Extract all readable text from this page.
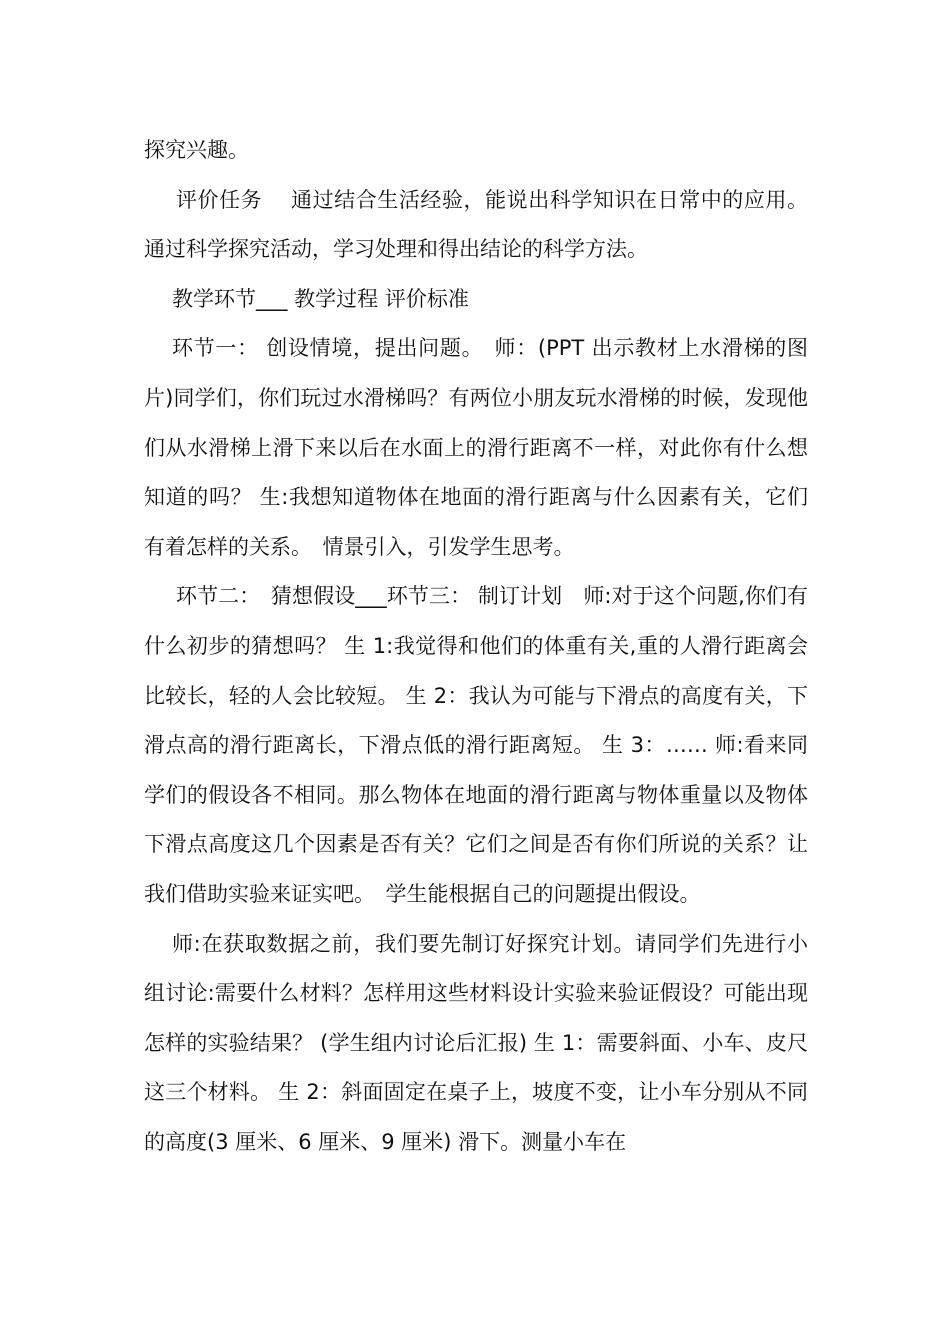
探究兴趣。

评价任务　 通过结合生活经验，能说出科学知识在日常中的应用。 通过科学探究活动，学习处理和得出结论的科学方法。

教学环节___ 教学过程 评价标准

环节一： 创设情境，提出问题。　师：(PPT 出示教材上水滑梯的图片)同学们，你们玩过水滑梯吗？有两位小朋友玩水滑梯的时候，发现他们从水滑梯上滑下来以后在水面上的滑行距离不一样，对此你有什么想知道的吗？ 生:我想知道物体在地面的滑行距离与什么因素有关，它们有着怎样的关系。　情景引入，引发学生思考。

环节二：　猜想假设___环节三： 制订计划　师:对于这个问题,你们有什么初步的猜想吗？ 生 1:我觉得和他们的体重有关,重的人滑行距离会比较长，轻的人会比较短。 生 2：我认为可能与下滑点的高度有关，下滑点高的滑行距离长，下滑点低的滑行距离短。 生 3：…… 师:看来同学们的假设各不相同。那么物体在地面的滑行距离与物体重量以及物体下滑点高度这几个因素是否有关？它们之间是否有你们所说的关系？让我们借助实验来证实吧。　学生能根据自己的问题提出假设。

师:在获取数据之前，我们要先制订好探究计划。请同学们先进行小组讨论:需要什么材料？怎样用这些材料设计实验来验证假设？可能出现怎样的实验结果？ (学生组内讨论后汇报) 生 1：需要斜面、小车、皮尺这三个材料。 生 2：斜面固定在桌子上，坡度不变，让小车分别从不同的高度(3 厘米、6 厘米、9 厘米) 滑下。测量小车在
